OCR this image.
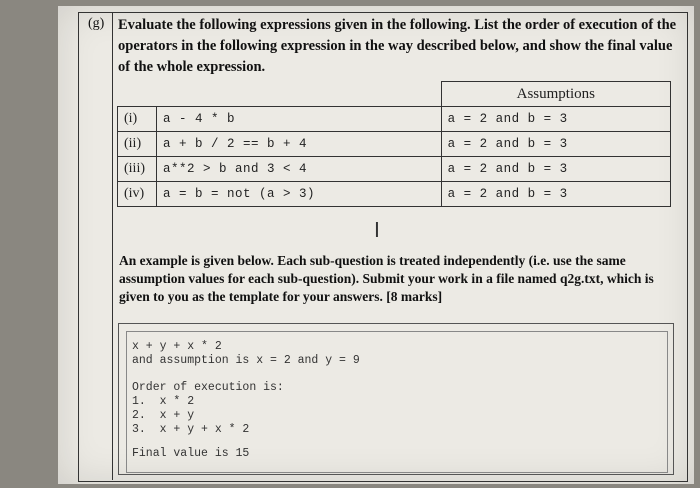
(g) Evaluate the following expressions given in the following. List the order of execution of the operators in the following expression in the way described below, and show the final value of the whole expression.
		Assumptions
(i)	a - 4 * b	a = 2 and b = 3
(ii)	a + b / 2 == b + 4	a = 2 and b = 3
(iii)	a**2 > b and 3 < 4	a = 2 and b = 3
(iv)	a = b = not (a > 3)	a = 2 and b = 3
I
An example is given below. Each sub-question is treated independently (i.e. use the same assumption values for each sub-question). Submit your work in a file named q2g.txt, which is given to you as the template for your answers. [8 marks]
x + y + x * 2
and assumption is x = 2 and y = 9
Order of execution is:
1.  x * 2
2.  x + y
3.  x + y + x * 2
Final value is 15
